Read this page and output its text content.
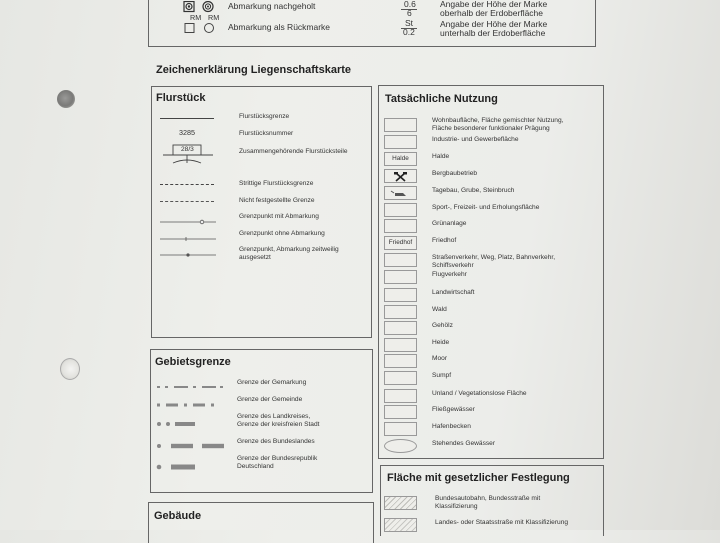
Abmarkung nachgeholt
RM RM
Abmarkung als Rückmarke
0.6
6
St
0.2
Angabe der Höhe der Marke
oberhalb der Erdoberfläche
Angabe der Höhe der Marke
unterhalb der Erdoberfläche
Zeichenerklärung Liegenschaftskarte
Flurstück
Flurstücksgrenze
3285	Flurstücksnummer
28/3	Zusammengehörende Flurstücksteile
Strittige Flurstücksgrenze
Nicht festgestellte Grenze
Grenzpunkt mit Abmarkung
Grenzpunkt ohne Abmarkung
Grenzpunkt, Abmarkung zeitweilig
ausgesetzt
Gebietsgrenze
Grenze der Gemarkung
Grenze der Gemeinde
Grenze des Landkreises,
Grenze der kreisfreien Stadt
Grenze des Bundeslandes
Grenze der Bundesrepublik
Deutschland
Gebäude
Tatsächliche Nutzung
Wohnbaufläche, Fläche gemischter Nutzung,
Fläche besonderer funktionaler Prägung
Industrie- und Gewerbefläche
Halde	Halde
Bergbaubetrieb
Tagebau, Grube, Steinbruch
Sport-, Freizeit- und Erholungsfläche
Grünanlage
Friedhof	Friedhof
Straßenverkehr, Weg, Platz, Bahnverkehr,
Schiffsverkehr
Flugverkehr
Landwirtschaft
Wald
Gehölz
Heide
Moor
Sumpf
Unland / Vegetationslose Fläche
Fließgewässer
Hafenbecken
Stehendes Gewässer
Fläche mit gesetzlicher Festlegung
Bundesautobahn, Bundesstraße mit
Klassifizierung
Landes- oder Staatsstraße mit Klassifizierung
